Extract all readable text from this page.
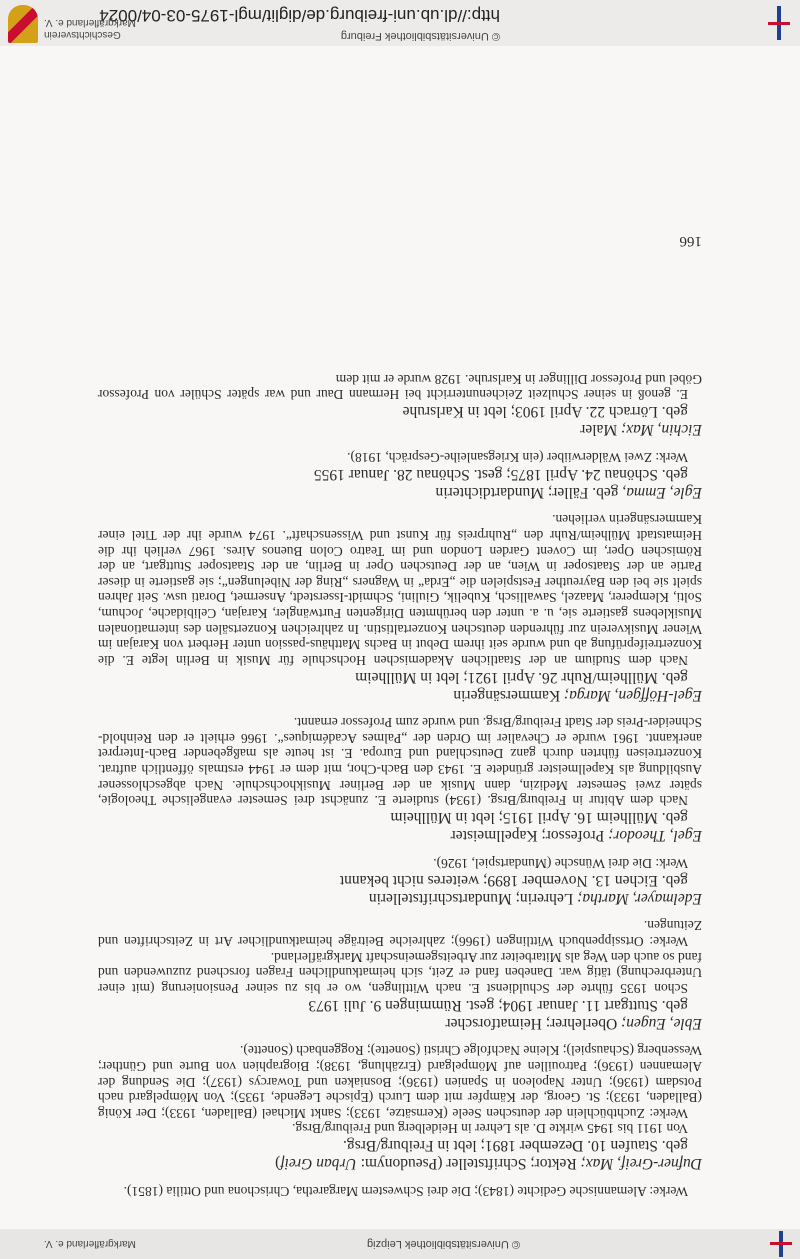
© Universitätsbibliothek Leipzig
Markgräflerland e. V.

Werke: Alemannische Gedichte (1843); Die drei Schwestern Margaretha, Chrischona und Ottilia (1851).

Dufner-Greif, Max; Rektor; Schriftsteller (Pseudonym: Urban Greif)

geb. Staufen 10. Dezember 1891; lebt in Freiburg/Brsg.

Von 1911 bis 1945 wirkte D. als Lehrer in Heidelberg und Freiburg/Brsg.

Werke: Zuchtbüchlein der deutschen Seele (Kernsätze, 1933); Sankt Michael (Balladen, 1933); Der König (Balladen, 1933); St. Georg, der Kämpfer mit dem Lurch (Epische Legende, 1935); Von Mömpelgard nach Potsdam (1936); Unter Napoleon in Spanien (1936); Bosniaken und Towarcys (1937); Die Sendung der Alemannen (1936); Patrouillen auf Mömpelgard (Erzählung, 1938); Biographien von Burte und Günther; Wessenberg (Schauspiel); Kleine Nachfolge Christi (Sonette); Roggenbach (Sonette).

Eble, Eugen; Oberlehrer; Heimatforscher

geb. Stuttgart 11. Januar 1904; gest. Rümmingen 9. Juli 1973

Schon 1935 führte der Schuldienst E. nach Wittlingen, wo er bis zu seiner Pensionierung (mit einer Unterbrechung) tätig war. Daneben fand er Zeit, sich heimatkundlichen Fragen forschend zuzuwenden und fand so auch den Weg als Mitarbeiter zur Arbeitsgemeinschaft Markgräflerland.

Werke: Ortssippenbuch Wittlingen (1966); zahlreiche Beiträge heimatkundlicher Art in Zeitschriften und Zeitungen.

Edelmayer, Martha; Lehrerin; Mundartschriftstellerin

geb. Eichen 13. November 1899; weiteres nicht bekannt

Werk: Die drei Wünsche (Mundartspiel, 1926).

Egel, Theodor; Professor; Kapellmeister

geb. Müllheim 16. April 1915; lebt in Müllheim

Nach dem Abitur in Freiburg/Brsg. (1934) studierte E. zunächst drei Semester evangelische Theologie, später zwei Semester Medizin, dann Musik an der Berliner Musikhochschule. Nach abgeschlossener Ausbildung als Kapellmeister gründete E. 1943 den Bach-Chor, mit dem er 1944 erstmals öffentlich auftrat. Konzertreisen führten durch ganz Deutschland und Europa. E. ist heute als maßgebender Bach-Interpret anerkannt. 1961 wurde er Chevalier im Orden der „Palmes Académiques“. 1966 erhielt er den Reinhold-Schneider-Preis der Stadt Freiburg/Brsg. und wurde zum Professor ernannt.

Egel-Höffgen, Marga; Kammersängerin

geb. Müllheim/Ruhr 26. April 1921; lebt in Müllheim

Nach dem Studium an der Staatlichen Akademischen Hochschule für Musik in Berlin legte E. die Konzertreifeprüfung ab und wurde seit ihrem Debut in Bachs Matthäus-passion unter Herbert von Karajan im Wiener Musikverein zur führenden deutschen Konzertaltistin. In zahlreichen Konzertsälen des internationalen Musiklebens gastierte sie, u. a. unter den berühmten Dirigenten Furtwängler, Karajan, Celibidache, Jochum, Solti, Klemperer, Maazel, Sawallisch, Kubelik, Giulini, Schmidt-Isserstedt, Ansermet, Dorati usw. Seit Jahren spielt sie bei den Bayreuther Festspielen die „Erda“ in Wagners „Ring der Nibelungen“; sie gastierte in dieser Partie an der Staatsoper in Wien, an der Deutschen Oper in Berlin, an der Staatsoper Stuttgart, an der Römischen Oper, im Covent Garden London und im Teatro Colon Buenos Aires. 1967 verlieh ihr die Heimatstadt Mülheim/Ruhr den „Ruhrpreis für Kunst und Wissenschaft“. 1974 wurde ihr der Titel einer Kammersängerin verliehen.

Egle, Emma, geb. Fäller; Mundartdichterin

geb. Schönau 24. April 1875; gest. Schönau 28. Januar 1955

Werk: Zwei Wälderwiiber (ein Kriegsanleihe-Gespräch, 1918).

Eichin, Max; Maler

geb. Lörrach 22. April 1903; lebt in Karlsruhe

E. genoß in seiner Schulzeit Zeichenunterricht bei Hermann Daur und war später Schüler von Professor Göbel und Professor Dillinger in Karlsruhe. 1928 wurde er mit dem

166
© Universitätsbibliothek Freiburg
http://dl.ub.uni-freiburg.de/diglit/mgl-1975-03-04/0024
Geschichtsverein
Markgräflerland e. V.
